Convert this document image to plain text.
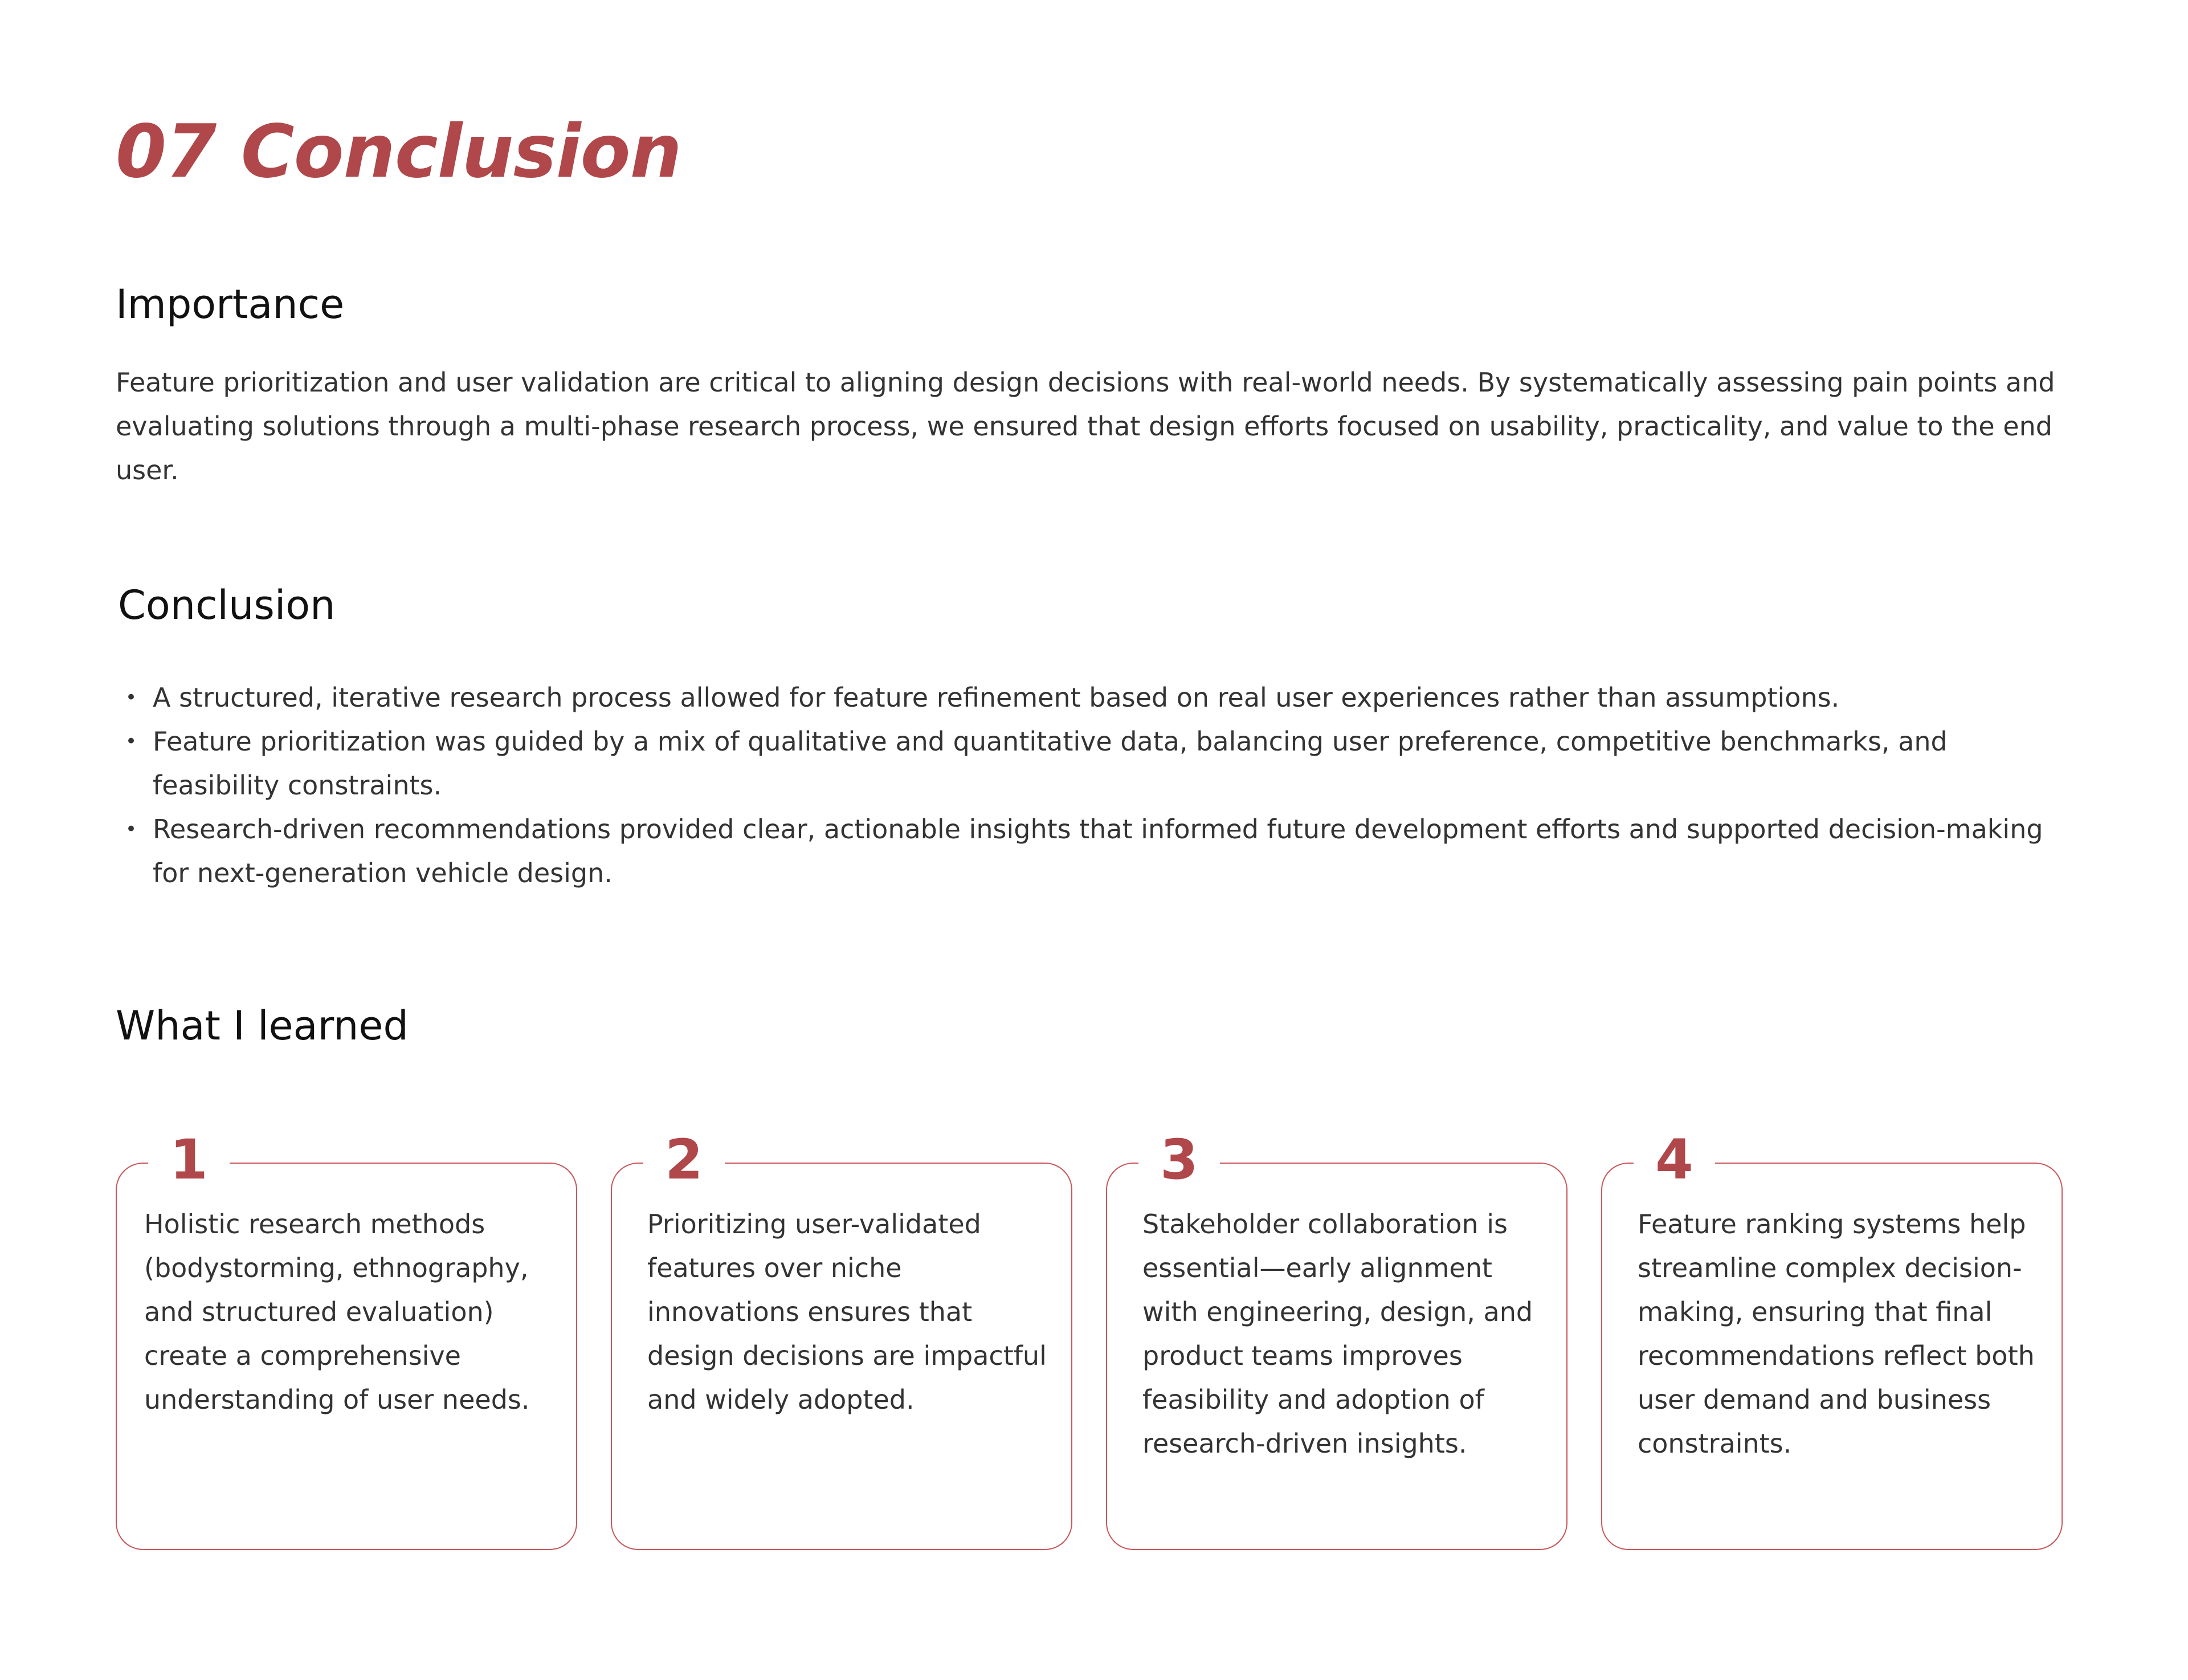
07 Conclusion
Importance

Feature prioritization and user validation are critical to aligning design decisions with real-world needs. By systematically assessing pain points and evaluating solutions through a multi-phase research process, we ensured that design efforts focused on usability, practicality, and value to the end user.

Conclusion
• A structured, iterative research process allowed for feature refinement based on real user experiences rather than assumptions.
• Feature prioritization was guided by a mix of qualitative and quantitative data, balancing user preference, competitive benchmarks, and feasibility constraints.
• Research-driven recommendations provided clear, actionable insights that informed future development efforts and supported decision-making for next-generation vehicle design.
What I learned
1

Holistic research methods (bodystorming, ethnography, and structured evaluation) create a comprehensive understanding of user needs.

2

Prioritizing user-validated features over niche innovations ensures that design decisions are impactful and widely adopted.

3

Stakeholder collaboration is essential—early alignment with engineering, design, and product teams improves feasibility and adoption of research-driven insights.

4

Feature ranking systems help streamline complex decision-making, ensuring that final recommendations reflect both user demand and business constraints.
